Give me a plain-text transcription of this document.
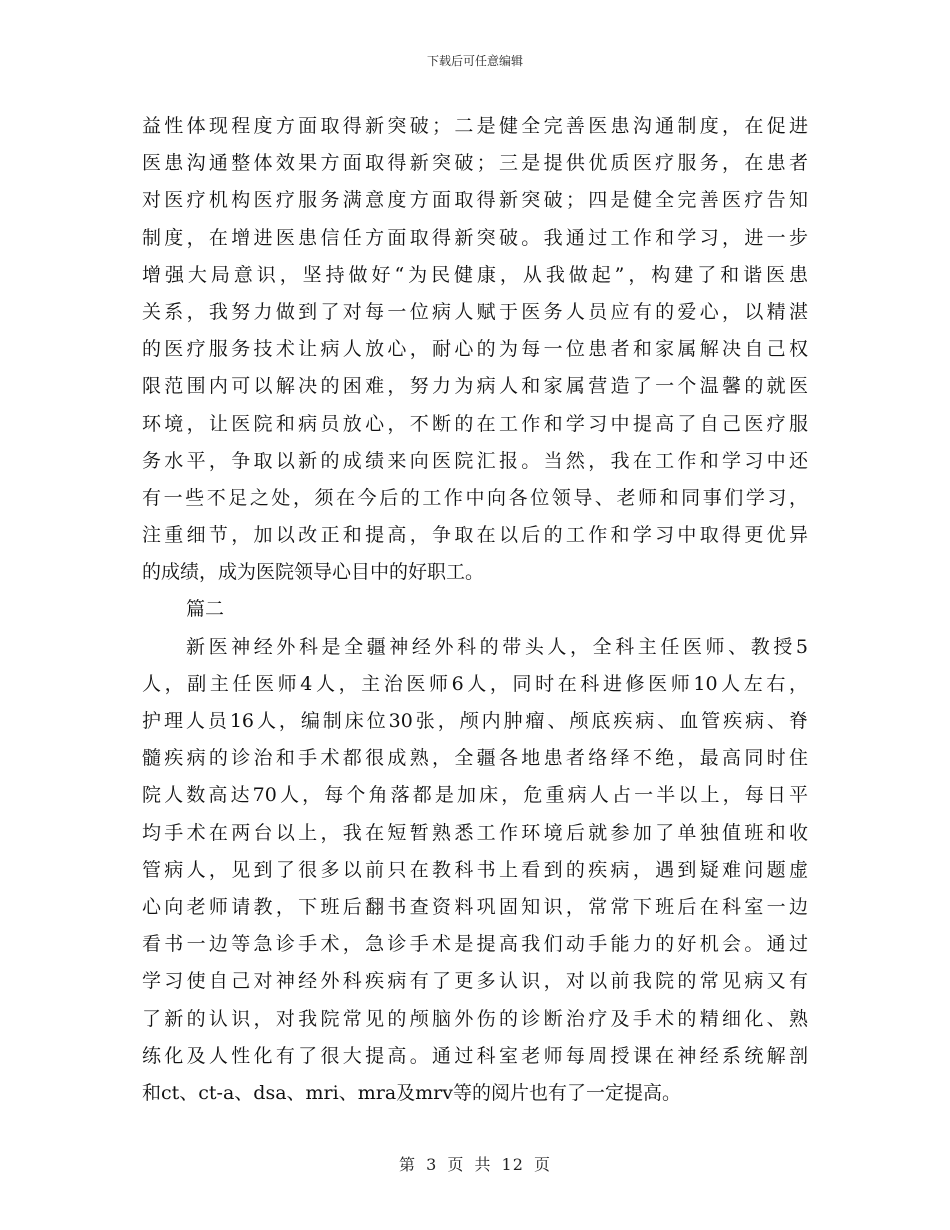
下载后可任意编辑
益性体现程度方面取得新突破；二是健全完善医患沟通制度，在促进
医患沟通整体效果方面取得新突破；三是提供优质医疗服务，在患者
对医疗机构医疗服务满意度方面取得新突破；四是健全完善医疗告知
制度，在增进医患信任方面取得新突破。我通过工作和学习，进一步
增强大局意识，坚持做好“为民健康，从我做起”，构建了和谐医患
关系，我努力做到了对每一位病人赋于医务人员应有的爱心，以精湛
的医疗服务技术让病人放心，耐心的为每一位患者和家属解决自己权
限范围内可以解决的困难，努力为病人和家属营造了一个温馨的就医
环境，让医院和病员放心，不断的在工作和学习中提高了自己医疗服
务水平，争取以新的成绩来向医院汇报。当然，我在工作和学习中还
有一些不足之处，须在今后的工作中向各位领导、老师和同事们学习，
注重细节，加以改正和提高，争取在以后的工作和学习中取得更优异
的成绩，成为医院领导心目中的好职工。
篇二
新医神经外科是全疆神经外科的带头人，全科主任医师、教授5
人，副主任医师4人，主治医师6人，同时在科进修医师10人左右，
护理人员16人，编制床位30张，颅内肿瘤、颅底疾病、血管疾病、脊
髓疾病的诊治和手术都很成熟，全疆各地患者络绎不绝，最高同时住
院人数高达70人，每个角落都是加床，危重病人占一半以上，每日平
均手术在两台以上，我在短暂熟悉工作环境后就参加了单独值班和收
管病人，见到了很多以前只在教科书上看到的疾病，遇到疑难问题虚
心向老师请教，下班后翻书查资料巩固知识，常常下班后在科室一边
看书一边等急诊手术，急诊手术是提高我们动手能力的好机会。通过
学习使自己对神经外科疾病有了更多认识，对以前我院的常见病又有
了新的认识，对我院常见的颅脑外伤的诊断治疗及手术的精细化、熟
练化及人性化有了很大提高。通过科室老师每周授课在神经系统解剖
和ct、ct-a、dsa、mri、mra及mrv等的阅片也有了一定提高。
第 3 页 共 12 页
